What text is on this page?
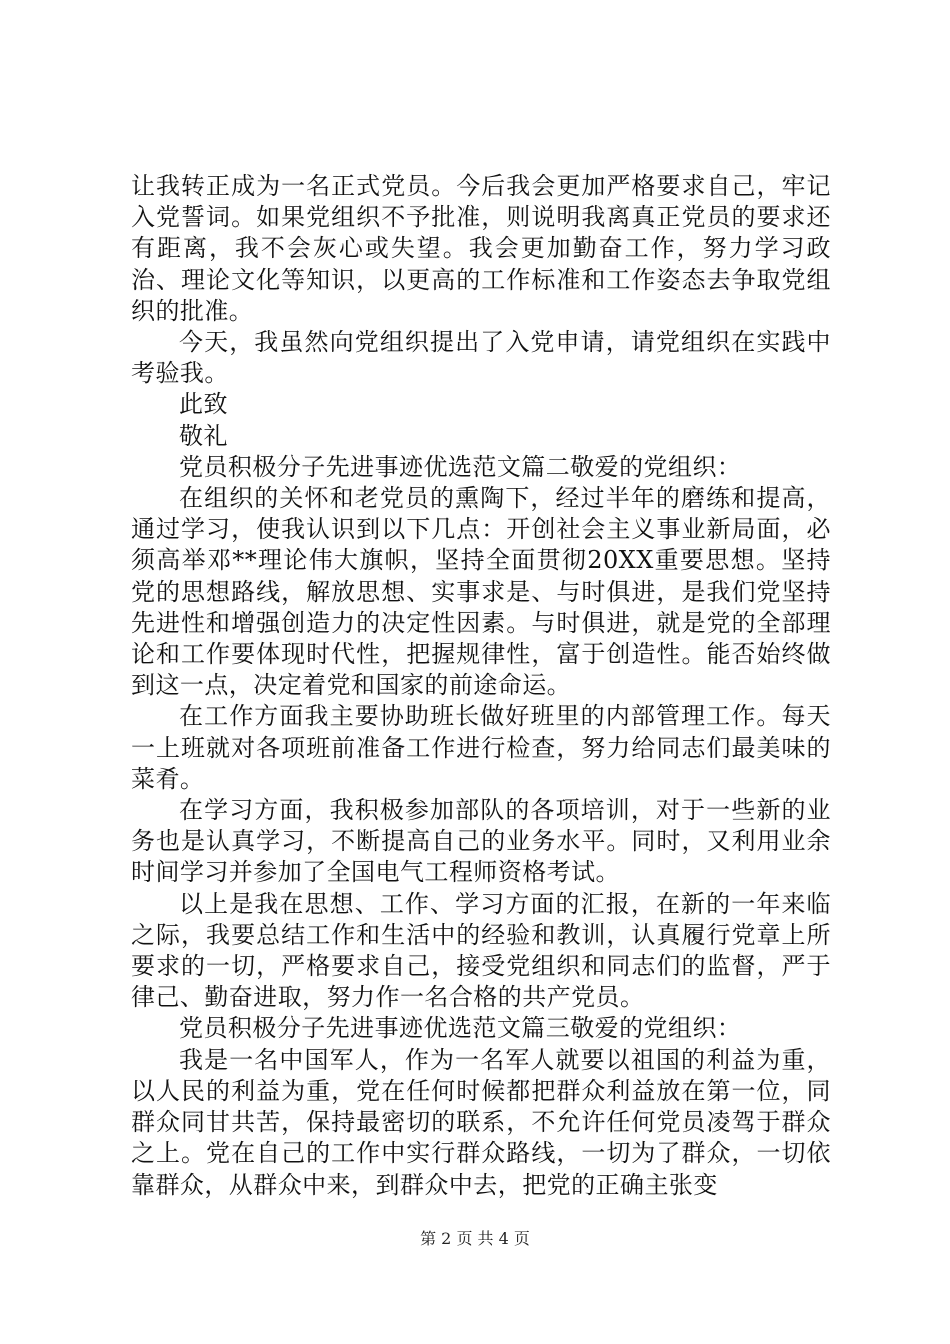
让我转正成为一名正式党员。今后我会更加严格要求自己，牢记入党誓词。如果党组织不予批准，则说明我离真正党员的要求还有距离，我不会灰心或失望。我会更加勤奋工作，努力学习政治、理论文化等知识，以更高的工作标准和工作姿态去争取党组织的批准。

今天，我虽然向党组织提出了入党申请，请党组织在实践中考验我。

此致

敬礼

党员积极分子先进事迹优选范文篇二敬爱的党组织：

在组织的关怀和老党员的熏陶下，经过半年的磨练和提高，通过学习，使我认识到以下几点：开创社会主义事业新局面，必须高举邓**理论伟大旗帜，坚持全面贯彻20XX重要思想。坚持党的思想路线，解放思想、实事求是、与时俱进，是我们党坚持先进性和增强创造力的决定性因素。与时俱进，就是党的全部理论和工作要体现时代性，把握规律性，富于创造性。能否始终做到这一点，决定着党和国家的前途命运。

在工作方面我主要协助班长做好班里的内部管理工作。每天一上班就对各项班前准备工作进行检查，努力给同志们最美味的菜肴。

在学习方面，我积极参加部队的各项培训，对于一些新的业务也是认真学习，不断提高自己的业务水平。同时，又利用业余时间学习并参加了全国电气工程师资格考试。

以上是我在思想、工作、学习方面的汇报，在新的一年来临之际，我要总结工作和生活中的经验和教训，认真履行党章上所要求的一切，严格要求自己，接受党组织和同志们的监督，严于律己、勤奋进取，努力作一名合格的共产党员。

党员积极分子先进事迹优选范文篇三敬爱的党组织：

我是一名中国军人，作为一名军人就要以祖国的利益为重，以人民的利益为重，党在任何时候都把群众利益放在第一位，同群众同甘共苦，保持最密切的联系，不允许任何党员凌驾于群众之上。党在自己的工作中实行群众路线，一切为了群众，一切依靠群众，从群众中来，到群众中去，把党的正确主张变

第 2 页 共 4 页
